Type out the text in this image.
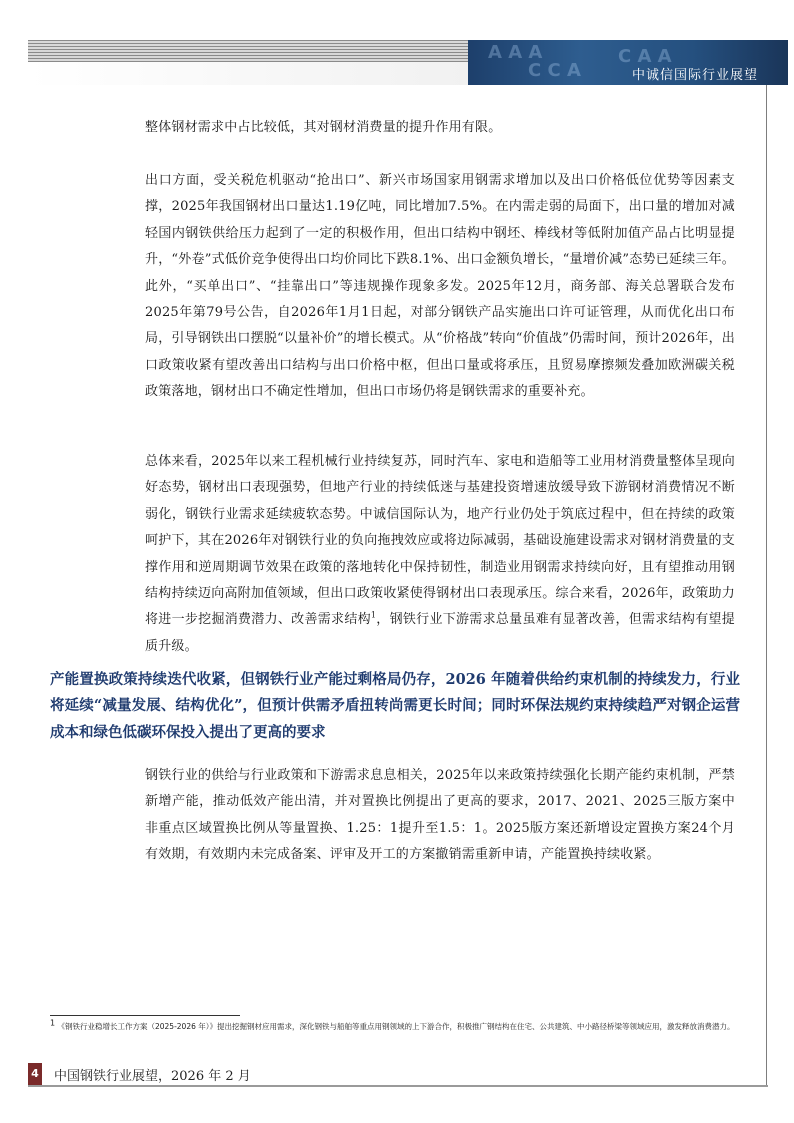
A A A	C A A
C C A	中诚信国际行业展望

整体钢材需求中占比较低，其对钢材消费量的提升作用有限。

出口方面，受关税危机驱动“抢出口”、新兴市场国家用钢需求增加以及出口价格低位优势等因素支撑，2025年我国钢材出口量达1.19亿吨，同比增加7.5%。在内需走弱的局面下，出口量的增加对减轻国内钢铁供给压力起到了一定的积极作用，但出口结构中钢坯、棒线材等低附加值产品占比明显提升，“外卷”式低价竞争使得出口均价同比下跌8.1%、出口金额负增长，“量增价减”态势已延续三年。此外，“买单出口”、“挂靠出口”等违规操作现象多发。2025年12月，商务部、海关总署联合发布2025年第79号公告，自2026年1月1日起，对部分钢铁产品实施出口许可证管理，从而优化出口布局，引导钢铁出口摆脱“以量补价”的增长模式。从“价格战”转向“价值战”仍需时间，预计2026年，出口政策收紧有望改善出口结构与出口价格中枢，但出口量或将承压，且贸易摩擦频发叠加欧洲碳关税政策落地，钢材出口不确定性增加，但出口市场仍将是钢铁需求的重要补充。

总体来看，2025年以来工程机械行业持续复苏，同时汽车、家电和造船等工业用材消费量整体呈现向好态势，钢材出口表现强势，但地产行业的持续低迷与基建投资增速放缓导致下游钢材消费情况不断弱化，钢铁行业需求延续疲软态势。中诚信国际认为，地产行业仍处于筑底过程中，但在持续的政策呵护下，其在2026年对钢铁行业的负向拖拽效应或将边际减弱，基础设施建设需求对钢材消费量的支撑作用和逆周期调节效果在政策的落地转化中保持韧性，制造业用钢需求持续向好，且有望推动用钢结构持续迈向高附加值领域，但出口政策收紧使得钢材出口表现承压。综合来看，2026年，政策助力将进一步挖掘消费潜力、改善需求结构$^1$，钢铁行业下游需求总量虽难有显著改善，但需求结构有望提质升级。

产能置换政策持续迭代收紧，但钢铁行业产能过剩格局仍存，2026 年随着供给约束机制的持续发力，行业将延续“减量发展、结构优化”，但预计供需矛盾扭转尚需更长时间；同时环保法规约束持续趋严对钢企运营成本和绿色低碳环保投入提出了更高的要求

钢铁行业的供给与行业政策和下游需求息息相关，2025年以来政策持续强化长期产能约束机制，严禁新增产能，推动低效产能出清，并对置换比例提出了更高的要求，2017、2021、2025三版方案中非重点区域置换比例从等量置换、1.25：1提升至1.5：1。2025版方案还新增设定置换方案24个月有效期，有效期内未完成备案、评审及开工的方案撤销需重新申请，产能置换持续收紧。

1 《钢铁行业稳增长工作方案（2025-2026 年）》提出挖掘钢材应用需求，深化钢铁与船舶等重点用钢领域的上下游合作，积极推广钢结构在住宅、公共建筑、中小路径桥梁等领域应用，激发释放消费潜力。

4 中国钢铁行业展望，2026 年 2 月
